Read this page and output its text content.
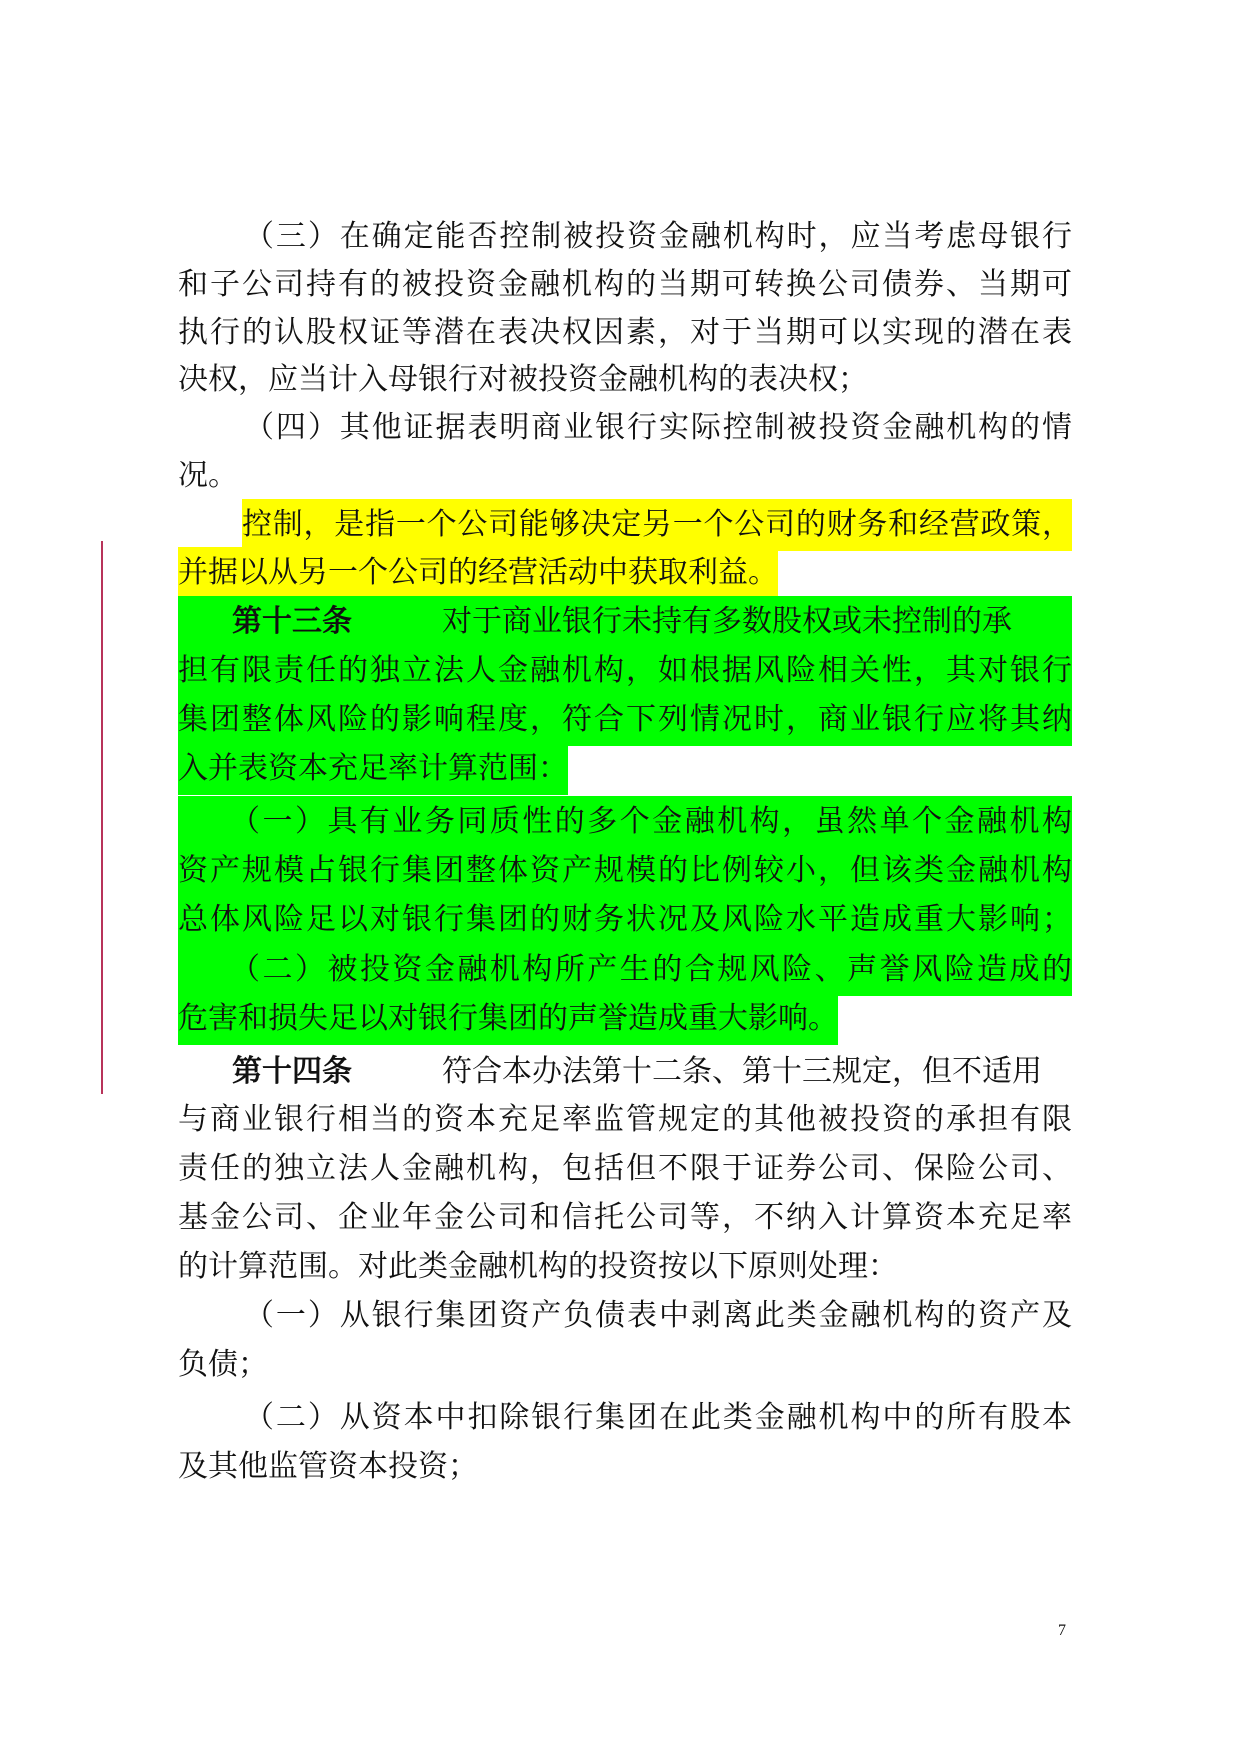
（三）在确定能否控制被投资金融机构时，应当考虑母银行
和子公司持有的被投资金融机构的当期可转换公司债券、当期可
执行的认股权证等潜在表决权因素，对于当期可以实现的潜在表
决权，应当计入母银行对被投资金融机构的表决权；
（四）其他证据表明商业银行实际控制被投资金融机构的情
况。
控制，是指一个公司能够决定另一个公司的财务和经营政策，
并据以从另一个公司的经营活动中获取利益。
第十三条	对于商业银行未持有多数股权或未控制的承
担有限责任的独立法人金融机构，如根据风险相关性，其对银行
集团整体风险的影响程度，符合下列情况时，商业银行应将其纳
入并表资本充足率计算范围：
（一）具有业务同质性的多个金融机构，虽然单个金融机构
资产规模占银行集团整体资产规模的比例较小，但该类金融机构
总体风险足以对银行集团的财务状况及风险水平造成重大影响；
（二）被投资金融机构所产生的合规风险、声誉风险造成的
危害和损失足以对银行集团的声誉造成重大影响。
第十四条	符合本办法第十二条、第十三规定，但不适用
与商业银行相当的资本充足率监管规定的其他被投资的承担有限
责任的独立法人金融机构，包括但不限于证券公司、保险公司、
基金公司、企业年金公司和信托公司等，不纳入计算资本充足率
的计算范围。对此类金融机构的投资按以下原则处理：
（一）从银行集团资产负债表中剥离此类金融机构的资产及
负债；
（二）从资本中扣除银行集团在此类金融机构中的所有股本
及其他监管资本投资；
7
